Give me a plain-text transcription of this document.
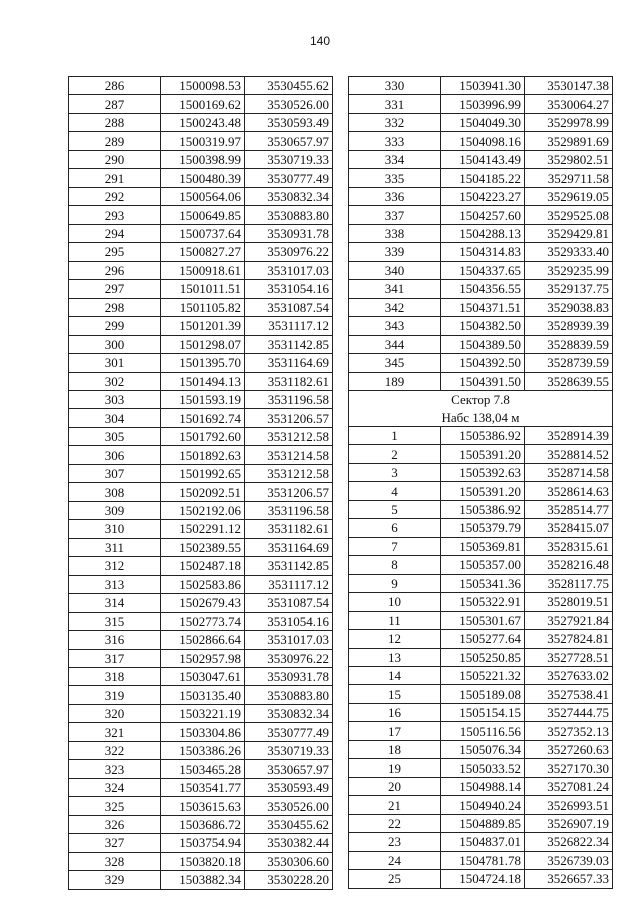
140
286	1500098.53	3530455.62
287	1500169.62	3530526.00
288	1500243.48	3530593.49
289	1500319.97	3530657.97
290	1500398.99	3530719.33
291	1500480.39	3530777.49
292	1500564.06	3530832.34
293	1500649.85	3530883.80
294	1500737.64	3530931.78
295	1500827.27	3530976.22
296	1500918.61	3531017.03
297	1501011.51	3531054.16
298	1501105.82	3531087.54
299	1501201.39	3531117.12
300	1501298.07	3531142.85
301	1501395.70	3531164.69
302	1501494.13	3531182.61
303	1501593.19	3531196.58
304	1501692.74	3531206.57
305	1501792.60	3531212.58
306	1501892.63	3531214.58
307	1501992.65	3531212.58
308	1502092.51	3531206.57
309	1502192.06	3531196.58
310	1502291.12	3531182.61
311	1502389.55	3531164.69
312	1502487.18	3531142.85
313	1502583.86	3531117.12
314	1502679.43	3531087.54
315	1502773.74	3531054.16
316	1502866.64	3531017.03
317	1502957.98	3530976.22
318	1503047.61	3530931.78
319	1503135.40	3530883.80
320	1503221.19	3530832.34
321	1503304.86	3530777.49
322	1503386.26	3530719.33
323	1503465.28	3530657.97
324	1503541.77	3530593.49
325	1503615.63	3530526.00
326	1503686.72	3530455.62
327	1503754.94	3530382.44
328	1503820.18	3530306.60
329	1503882.34	3530228.20
330	1503941.30	3530147.38
331	1503996.99	3530064.27
332	1504049.30	3529978.99
333	1504098.16	3529891.69
334	1504143.49	3529802.51
335	1504185.22	3529711.58
336	1504223.27	3529619.05
337	1504257.60	3529525.08
338	1504288.13	3529429.81
339	1504314.83	3529333.40
340	1504337.65	3529235.99
341	1504356.55	3529137.75
342	1504371.51	3529038.83
343	1504382.50	3528939.39
344	1504389.50	3528839.59
345	1504392.50	3528739.59
189	1504391.50	3528639.55
Сектор 7.8		
Набс 138,04 м		
1	1505386.92	3528914.39
2	1505391.20	3528814.52
3	1505392.63	3528714.58
4	1505391.20	3528614.63
5	1505386.92	3528514.77
6	1505379.79	3528415.07
7	1505369.81	3528315.61
8	1505357.00	3528216.48
9	1505341.36	3528117.75
10	1505322.91	3528019.51
11	1505301.67	3527921.84
12	1505277.64	3527824.81
13	1505250.85	3527728.51
14	1505221.32	3527633.02
15	1505189.08	3527538.41
16	1505154.15	3527444.75
17	1505116.56	3527352.13
18	1505076.34	3527260.63
19	1505033.52	3527170.30
20	1504988.14	3527081.24
21	1504940.24	3526993.51
22	1504889.85	3526907.19
23	1504837.01	3526822.34
24	1504781.78	3526739.03
25	1504724.18	3526657.33
